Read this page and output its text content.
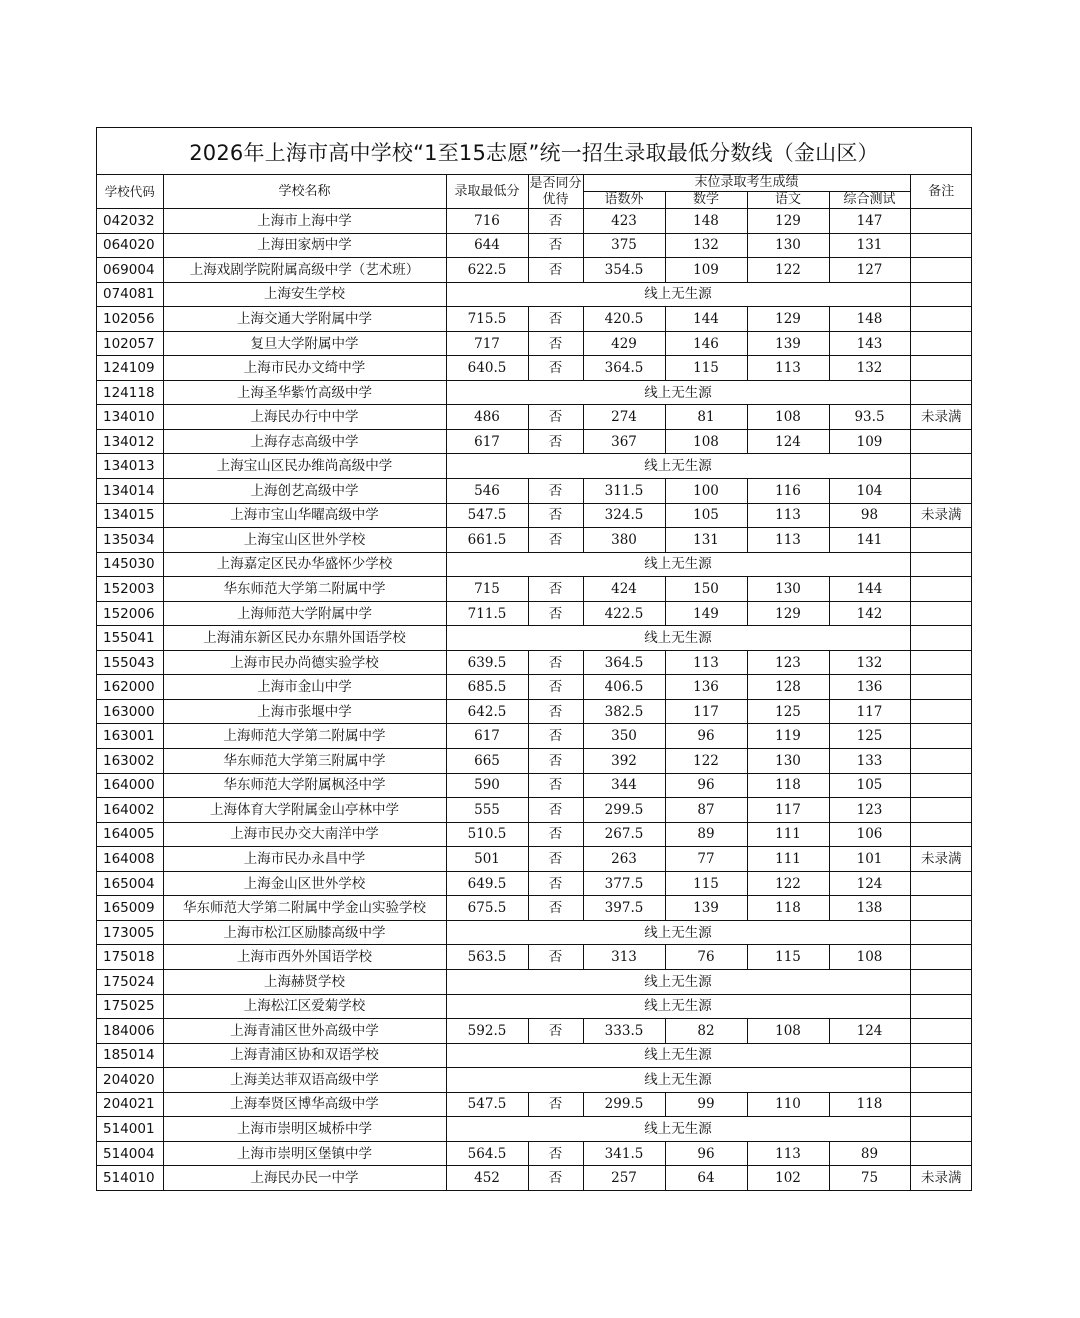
2026年上海市高中学校“1至15志愿”统一招生录取最低分数线（金山区）
学校代码	学校名称	录取最低分	是否同分优待	末位录取考生成绩				备注
				语数外	数学	语文	综合测试	
042032	上海市上海中学	716	否	423	148	129	147	
064020	上海田家炳中学	644	否	375	132	130	131	
069004	上海戏剧学院附属高级中学（艺术班）	622.5	否	354.5	109	122	127	
074081	上海安生学校	线上无生源						
102056	上海交通大学附属中学	715.5	否	420.5	144	129	148	
102057	复旦大学附属中学	717	否	429	146	139	143	
124109	上海市民办文绮中学	640.5	否	364.5	115	113	132	
124118	上海圣华紫竹高级中学	线上无生源						
134010	上海民办行中中学	486	否	274	81	108	93.5	未录满
134012	上海存志高级中学	617	否	367	108	124	109	
134013	上海宝山区民办维尚高级中学	线上无生源						
134014	上海创艺高级中学	546	否	311.5	100	116	104	
134015	上海市宝山华曜高级中学	547.5	否	324.5	105	113	98	未录满
135034	上海宝山区世外学校	661.5	否	380	131	113	141	
145030	上海嘉定区民办华盛怀少学校	线上无生源						
152003	华东师范大学第二附属中学	715	否	424	150	130	144	
152006	上海师范大学附属中学	711.5	否	422.5	149	129	142	
155041	上海浦东新区民办东鼎外国语学校	线上无生源						
155043	上海市民办尚德实验学校	639.5	否	364.5	113	123	132	
162000	上海市金山中学	685.5	否	406.5	136	128	136	
163000	上海市张堰中学	642.5	否	382.5	117	125	117	
163001	上海师范大学第二附属中学	617	否	350	96	119	125	
163002	华东师范大学第三附属中学	665	否	392	122	130	133	
164000	华东师范大学附属枫泾中学	590	否	344	96	118	105	
164002	上海体育大学附属金山亭林中学	555	否	299.5	87	117	123	
164005	上海市民办交大南洋中学	510.5	否	267.5	89	111	106	
164008	上海市民办永昌中学	501	否	263	77	111	101	未录满
165004	上海金山区世外学校	649.5	否	377.5	115	122	124	
165009	华东师范大学第二附属中学金山实验学校	675.5	否	397.5	139	118	138	
173005	上海市松江区励膝高级中学	线上无生源						
175018	上海市西外外国语学校	563.5	否	313	76	115	108	
175024	上海赫贤学校	线上无生源						
175025	上海松江区爱菊学校	线上无生源						
184006	上海青浦区世外高级中学	592.5	否	333.5	82	108	124	
185014	上海青浦区协和双语学校	线上无生源						
204020	上海美达菲双语高级中学	线上无生源						
204021	上海奉贤区博华高级中学	547.5	否	299.5	99	110	118	
514001	上海市崇明区城桥中学	线上无生源						
514004	上海市崇明区堡镇中学	564.5	否	341.5	96	113	89	
514010	上海民办民一中学	452	否	257	64	102	75	未录满
